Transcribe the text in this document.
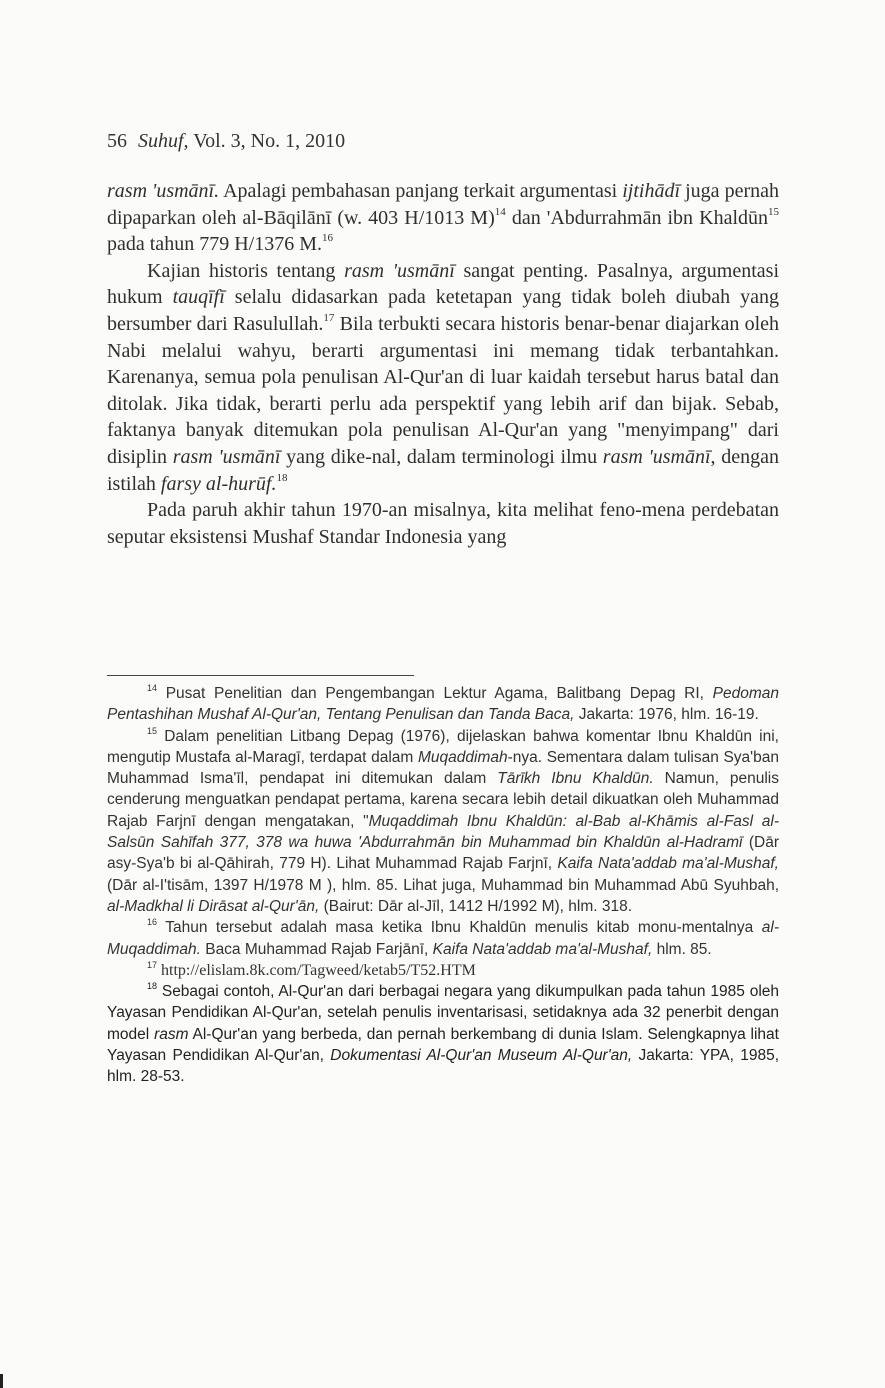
56 Suhuf, Vol. 3, No. 1, 2010

rasm 'usmānī. Apalagi pembahasan panjang terkait argumentasi ijtihādī juga pernah dipaparkan oleh al-Bāqilānī (w. 403 H/1013 M)$^{14}$ dan 'Abdurrahmān ibn Khaldūn$^{15}$ pada tahun 779 H/1376 M.$^{16}$

Kajian historis tentang rasm 'usmānī sangat penting. Pasalnya, argumentasi hukum tauqīfī selalu didasarkan pada ketetapan yang tidak boleh diubah yang bersumber dari Rasulullah.$^{17}$ Bila terbukti secara historis benar-benar diajarkan oleh Nabi melalui wahyu, berarti argumentasi ini memang tidak terbantahkan. Karenanya, semua pola penulisan Al-Qur'an di luar kaidah tersebut harus batal dan ditolak. Jika tidak, berarti perlu ada perspektif yang lebih arif dan bijak. Sebab, faktanya banyak ditemukan pola penulisan Al-Qur'an yang "menyimpang" dari disiplin rasm 'usmānī yang dike-nal, dalam terminologi ilmu rasm 'usmānī, dengan istilah farsy al-hurūf.$^{18}$

Pada paruh akhir tahun 1970-an misalnya, kita melihat feno-mena perdebatan seputar eksistensi Mushaf Standar Indonesia yang

$^{14}$ Pusat Penelitian dan Pengembangan Lektur Agama, Balitbang Depag RI, Pedoman Pentashihan Mushaf Al-Qur'an, Tentang Penulisan dan Tanda Baca, Jakarta: 1976, hlm. 16-19.

$^{15}$ Dalam penelitian Litbang Depag (1976), dijelaskan bahwa komentar Ibnu Khaldūn ini, mengutip Mustafa al-Maragī, terdapat dalam Muqaddimah-nya. Sementara dalam tulisan Sya'ban Muhammad Isma'īl, pendapat ini ditemukan dalam Tārīkh Ibnu Khaldūn. Namun, penulis cenderung menguatkan pendapat pertama, karena secara lebih detail dikuatkan oleh Muhammad Rajab Farjnī dengan mengatakan, "Muqaddimah Ibnu Khaldūn: al-Bab al-Khāmis al-Fasl al-Salsūn Sahīfah 377, 378 wa huwa 'Abdurrahmān bin Muhammad bin Khaldūn al-Hadramī (Dār asy-Sya'b bi al-Qāhirah, 779 H). Lihat Muhammad Rajab Farjnī, Kaifa Nata'addab ma'al-Mushaf, (Dār al-I'tisām, 1397 H/1978 M ), hlm. 85. Lihat juga, Muhammad bin Muhammad Abū Syuhbah, al-Madkhal li Dirāsat al-Qur'ān, (Bairut: Dār al-Jīl, 1412 H/1992 M), hlm. 318.

$^{16}$ Tahun tersebut adalah masa ketika Ibnu Khaldūn menulis kitab monu-mentalnya al-Muqaddimah. Baca Muhammad Rajab Farjānī, Kaifa Nata'addab ma'al-Mushaf, hlm. 85.

$^{17}$ http://elislam.8k.com/Tagweed/ketab5/T52.HTM

$^{18}$ Sebagai contoh, Al-Qur'an dari berbagai negara yang dikumpulkan pada tahun 1985 oleh Yayasan Pendidikan Al-Qur'an, setelah penulis inventarisasi, setidaknya ada 32 penerbit dengan model rasm Al-Qur'an yang berbeda, dan pernah berkembang di dunia Islam. Selengkapnya lihat Yayasan Pendidikan Al-Qur'an, Dokumentasi Al-Qur'an Museum Al-Qur'an, Jakarta: YPA, 1985, hlm. 28-53.
